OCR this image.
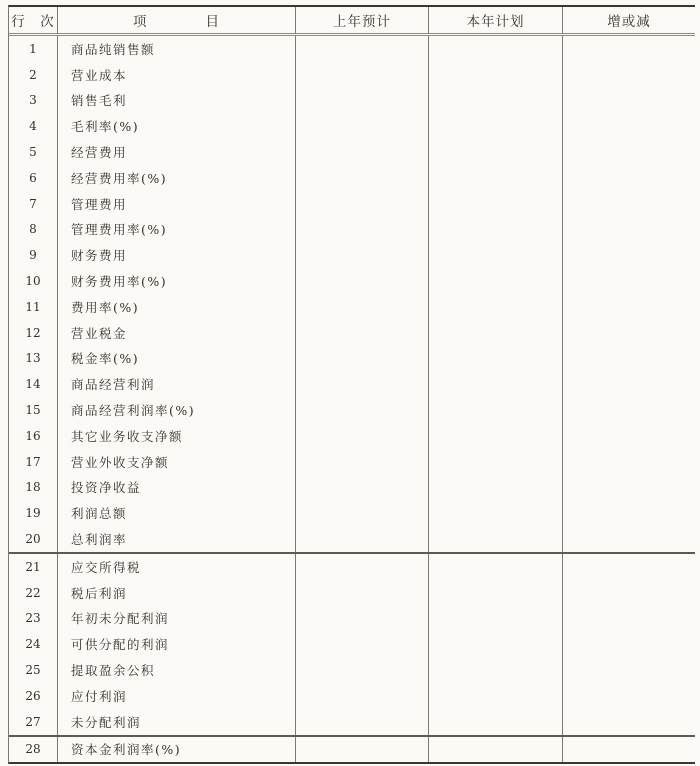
行　次	项　　　　目	上年预计	本年计划	增或减
1	商品纯销售额
2	营业成本
3	销售毛利
4	毛利率(%)
5	经营费用
6	经营费用率(%)
7	管理费用
8	管理费用率(%)
9	财务费用
10	财务费用率(%)
11	费用率(%)
12	营业税金
13	税金率(%)
14	商品经营利润
15	商品经营利润率(%)
16	其它业务收支净额
17	营业外收支净额
18	投资净收益
19	利润总额
20	总利润率
21	应交所得税
22	税后利润
23	年初未分配利润
24	可供分配的利润
25	提取盈余公积
26	应付利润
27	未分配利润
28	资本金利润率(%)
